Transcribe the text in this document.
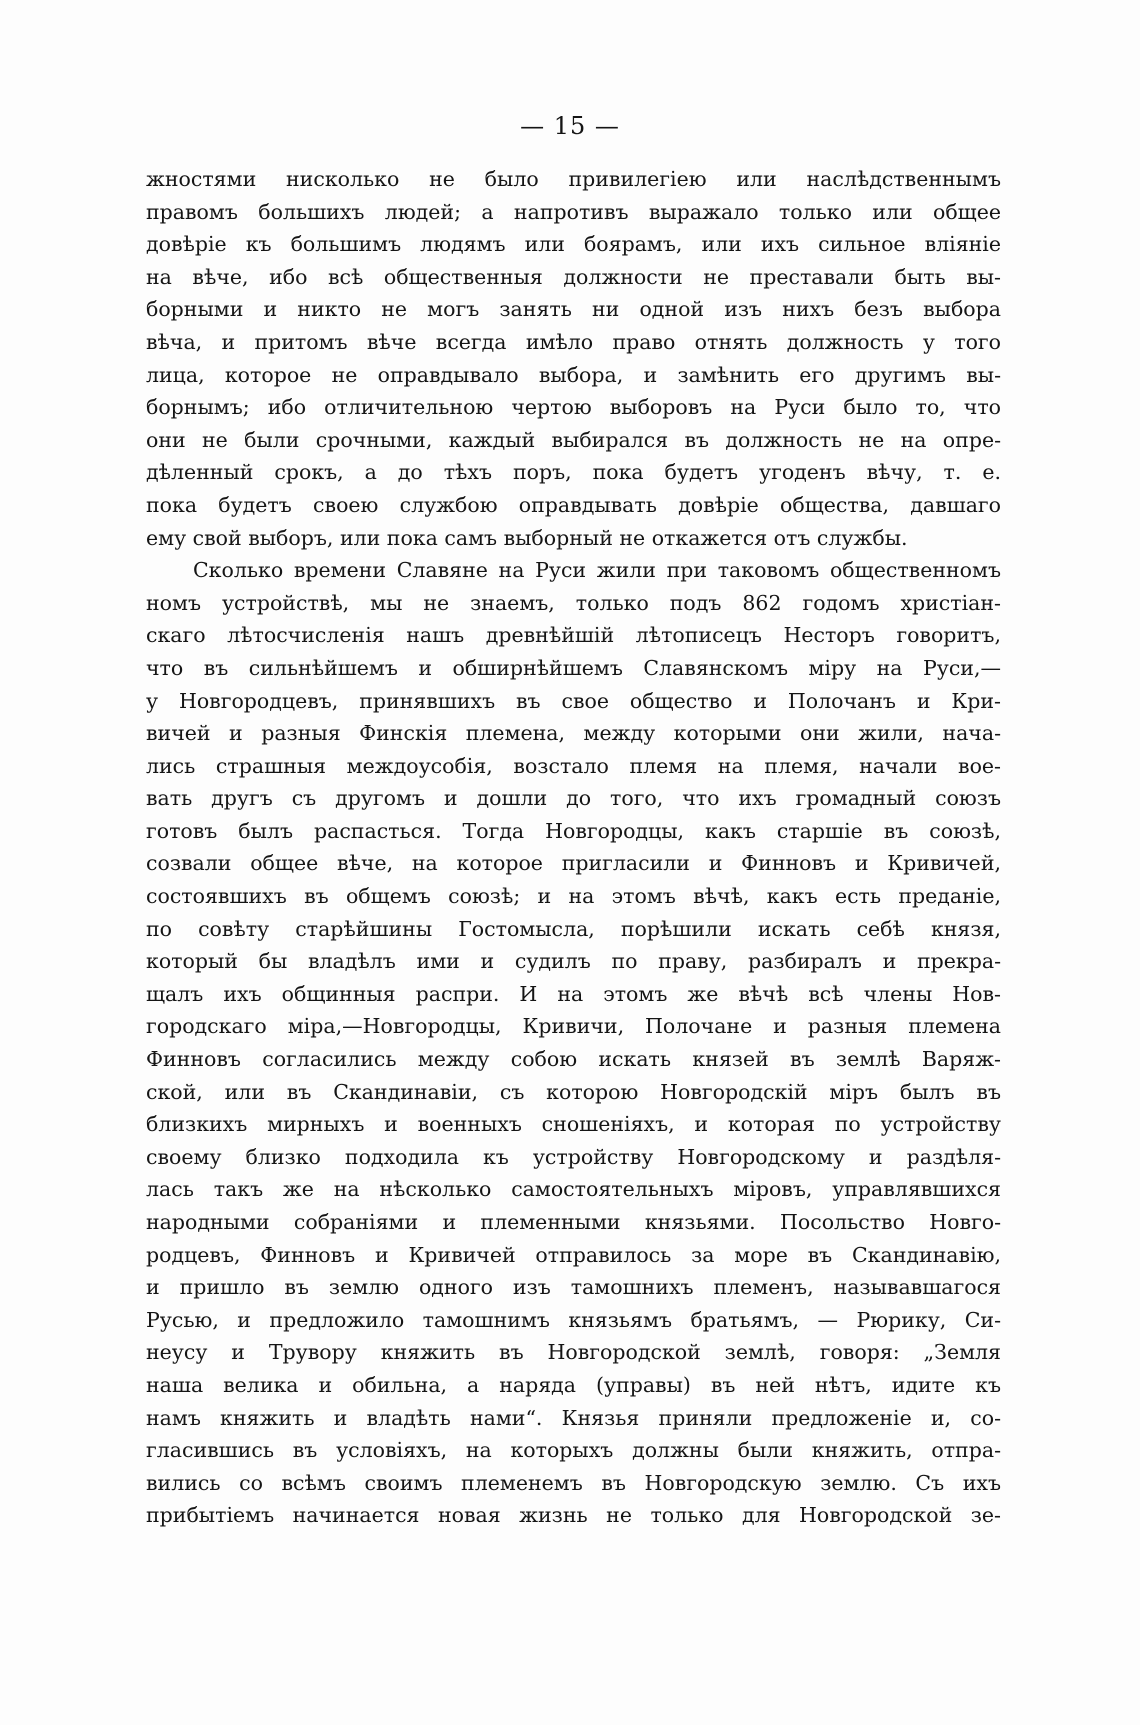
— 15 —
жностями нисколько не было привилегіею или наслѣдственнымъ
правомъ большихъ людей; а напротивъ выражало только или общее
довѣріе къ большимъ людямъ или боярамъ, или ихъ сильное вліяніе
на вѣче, ибо всѣ общественныя должности не преставали быть вы-
борными и никто не могъ занять ни одной изъ нихъ безъ выбора
вѣча, и притомъ вѣче всегда имѣло право отнять должность у того
лица, которое не оправдывало выбора, и замѣнить его другимъ вы-
борнымъ; ибо отличительною чертою выборовъ на Руси было то, что
они не были срочными, каждый выбирался въ должность не на опре-
дѣленный срокъ, а до тѣхъ поръ, пока будетъ угоденъ вѣчу, т. е.
пока будетъ своею службою оправдывать довѣріе общества, давшаго
ему свой выборъ, или пока самъ выборный не откажется отъ службы.
Сколько времени Славяне на Руси жили при таковомъ общественномъ
номъ устройствѣ, мы не знаемъ, только подъ 862 годомъ христіан-
скаго лѣтосчисленія нашъ древнѣйшій лѣтописецъ Несторъ говоритъ,
что въ сильнѣйшемъ и обширнѣйшемъ Славянскомъ міру на Руси,—
у Новгородцевъ, принявшихъ въ свое общество и Полочанъ и Кри-
вичей и разныя Финскія племена, между которыми они жили, нача-
лись страшныя междоусобія, возстало племя на племя, начали вое-
вать другъ съ другомъ и дошли до того, что ихъ громадный союзъ
готовъ былъ распасться. Тогда Новгородцы, какъ старшіе въ союзѣ,
созвали общее вѣче, на которое пригласили и Финновъ и Кривичей,
состоявшихъ въ общемъ союзѣ; и на этомъ вѣчѣ, какъ есть преданіе,
по совѣту старѣйшины Гостомысла, порѣшили искать себѣ князя,
который бы владѣлъ ими и судилъ по праву, разбиралъ и прекра-
щалъ ихъ общинныя распри. И на этомъ же вѣчѣ всѣ члены Нов-
городскаго міра,—Новгородцы, Кривичи, Полочане и разныя племена
Финновъ согласились между собою искать князей въ землѣ Варяж-
ской, или въ Скандинавіи, съ которою Новгородскій міръ былъ въ
близкихъ мирныхъ и военныхъ сношеніяхъ, и которая по устройству
своему близко подходила къ устройству Новгородскому и раздѣля-
лась такъ же на нѣсколько самостоятельныхъ міровъ, управлявшихся
народными собраніями и племенными князьями. Посольство Новго-
родцевъ, Финновъ и Кривичей отправилось за море въ Скандинавію,
и пришло въ землю одного изъ тамошнихъ племенъ, называвшагося
Русью, и предложило тамошнимъ князьямъ братьямъ, — Рюрику, Си-
неусу и Трувору княжить въ Новгородской землѣ, говоря: „Земля
наша велика и обильна, а наряда (управы) въ ней нѣтъ, идите къ
намъ княжить и владѣть нами“. Князья приняли предложеніе и, со-
гласившись въ условіяхъ, на которыхъ должны были княжить, отпра-
вились со всѣмъ своимъ племенемъ въ Новгородскую землю. Съ ихъ
прибытіемъ начинается новая жизнь не только для Новгородской зе-
